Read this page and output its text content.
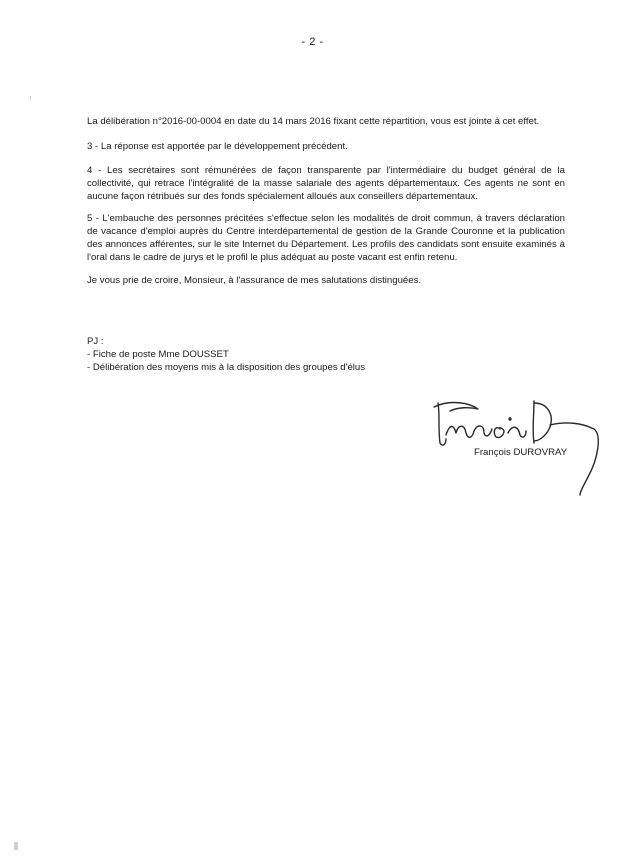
- 2 -

La délibération n°2016-00-0004 en date du 14 mars 2016 fixant cette répartition, vous est jointe à cet effet.

3 - La réponse est apportée par le développement précédent.

4 - Les secrétaires sont rémunérées de façon transparente par l'intermédiaire du budget général de la collectivité, qui retrace l'intégralité de la masse salariale des agents départementaux. Ces agents ne sont en aucune façon rétribués sur des fonds spécialement alloués aux conseillers départementaux.

5 - L'embauche des personnes précitées s'effectue selon les modalités de droit commun, à travers déclaration de vacance d'emploi auprès du Centre interdépartemental de gestion de la Grande Couronne et la publication des annonces afférentes, sur le site Internet du Département. Les profils des candidats sont ensuite examinés à l'oral dans le cadre de jurys et le profil le plus adéquat au poste vacant est enfin retenu.

Je vous prie de croire, Monsieur, à l'assurance de mes salutations distinguées.

PJ :
- Fiche de poste Mme DOUSSET
- Délibération des moyens mis à la disposition des groupes d'élus
François DUROVRAY
